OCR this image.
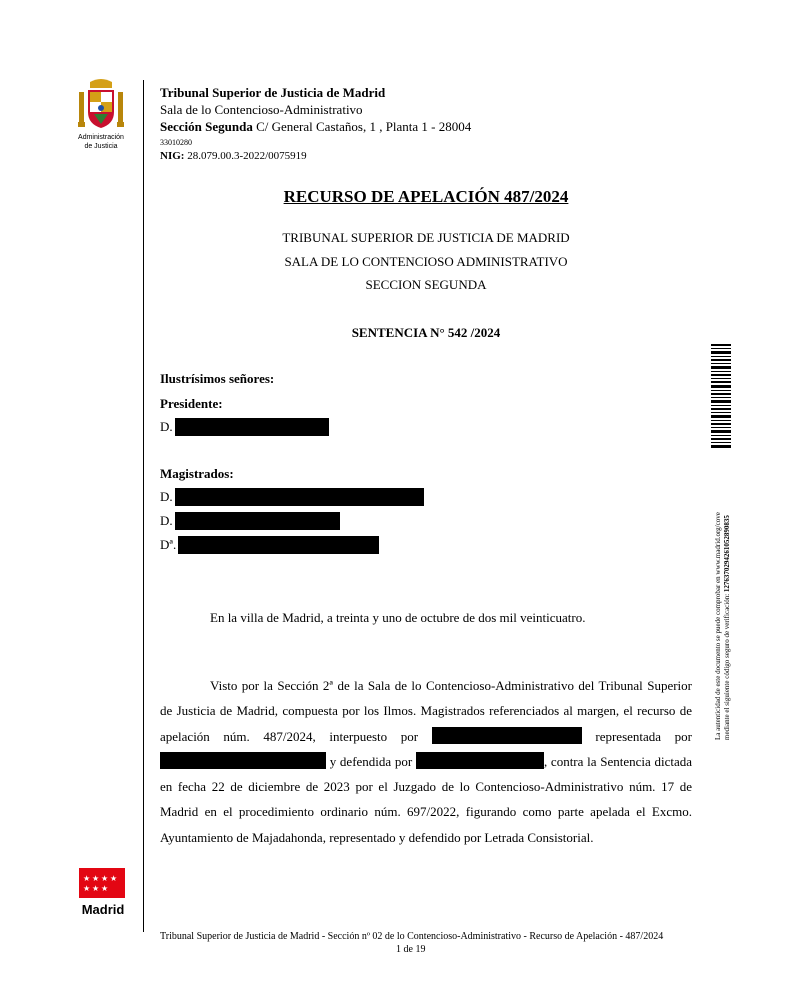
Administración
de Justicia
Tribunal Superior de Justicia de Madrid
Sala de lo Contencioso-Administrativo
Sección Segunda C/ General Castaños, 1 , Planta 1 - 28004
33010280
NIG: 28.079.00.3-2022/0075919
RECURSO DE APELACIÓN 487/2024
TRIBUNAL SUPERIOR DE JUSTICIA DE MADRID
SALA DE LO CONTENCIOSO ADMINISTRATIVO
SECCION SEGUNDA
SENTENCIA N° 542 /2024
Ilustrísimos señores:
Presidente:
D.
Magistrados:
D.
D.
Dª.
En la villa de Madrid, a treinta y uno de octubre de dos mil veinticuatro.
Visto por la Sección 2ª de la Sala de lo Contencioso-Administrativo del Tribunal Superior de Justicia de Madrid, compuesta por los Ilmos. Magistrados referenciados al margen, el recurso de apelación núm. 487/2024, interpuesto por	representada por  y defendida por	, contra la Sentencia dictada en fecha 22 de diciembre de 2023 por el Juzgado de lo Contencioso-Administrativo núm. 17 de Madrid en el procedimiento ordinario núm. 697/2022, figurando como parte apelada el Excmo. Ayuntamiento de Majadahonda, representado y defendido por Letrada Consistorial.
Tribunal Superior de Justicia de Madrid - Sección nº 02 de lo Contencioso-Administrativo - Recurso de Apelación - 487/2024
1 de 19
La autenticidad de este documento se puede comprobar en www.madrid.org/cove mediante el siguiente código seguro de verificación: 1276370294261052890835
★ ★ ★ ★
★ ★ ★
Madrid
